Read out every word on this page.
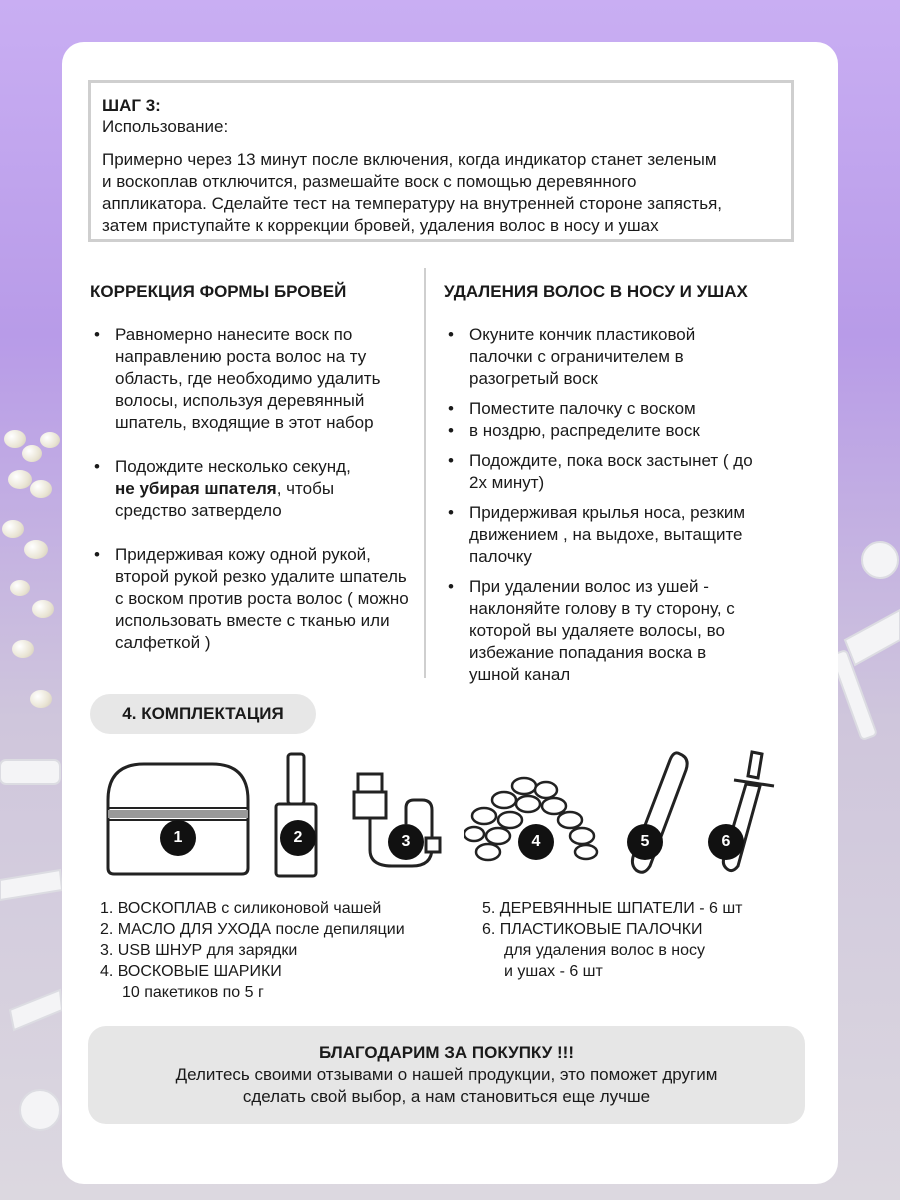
ШАГ 3:

Использование:

Примерно через 13 минут после включения, когда индикатор станет зеленым

и воскоплав отключится, размешайте воск с помощью деревянного

аппликатора. Сделайте тест на температуру на внутренней стороне запястья,

затем приступайте к коррекции бровей, удаления волос в носу и ушах

КОРРЕКЦИЯ ФОРМЫ БРОВЕЙ

• Равномерно нанесите воск по направлению роста волос на ту область, где необходимо удалить волосы, используя деревянный шпатель, входящие в этот набор
• Подождите несколько секунд,
не убирая шпателя, чтобы средство затвердело
• Придерживая кожу одной рукой, второй рукой резко удалите шпатель с воском против роста волос ( можно использовать вместе с тканью или салфеткой )

УДАЛЕНИЯ ВОЛОС В НОСУ И УШАХ

• Окуните кончик пластиковой палочки с ограничителем в разогретый воск
• Поместите палочку с воском
• в ноздрю, распределите воск
• Подождите, пока воск застынет ( до 2х минут)
• Придерживая крылья носа, резким движением , на выдохе, вытащите палочку
• При удалении волос из ушей - наклоняйте голову в ту сторону, с которой вы удаляете волосы, во избежание попадания воска в ушной канал
4. КОМПЛЕКТАЦИЯ
1	2	3	4	5	6
1. ВОСКОПЛАВ с силиконовой чашей
2. МАСЛО ДЛЯ УХОДА после депиляции
3. USB ШНУР для зарядки
4. ВОСКОВЫЕ ШАРИКИ
10 пакетиков по 5 г
5. ДЕРЕВЯННЫЕ ШПАТЕЛИ - 6 шт
6. ПЛАСТИКОВЫЕ ПАЛОЧКИ
для удаления волос в носу
и ушах - 6 шт
БЛАГОДАРИМ ЗА ПОКУПКУ !!!
Делитесь своими отзывами о нашей продукции, это поможет другим
сделать свой выбор, а нам становиться еще лучше
